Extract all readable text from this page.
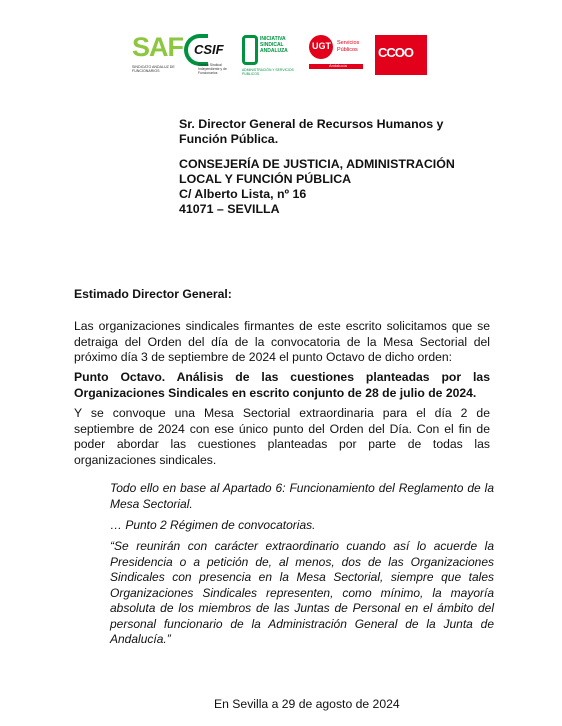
SAF
SINDICATO ANDALUZ DE FUNCIONARIOS
CSIF
Central Sindical Independiente y de Funcionarios
INICIATIVA SINDICAL ANDALUZA
ADMINISTRACIÓN Y SERVICIOS PÚBLICOS
UGT Servicios Públicos
Andalucía
CCOO
Sr. Director General de Recursos Humanos y
Función Pública.
CONSEJERÍA DE JUSTICIA, ADMINISTRACIÓN
LOCAL Y FUNCIÓN PÚBLICA
C/ Alberto Lista, nº 16
41071 – SEVILLA
Estimado Director General:
Las organizaciones sindicales firmantes de este escrito solicitamos que se detraiga del Orden del día de la convocatoria de la Mesa Sectorial del próximo día 3 de septiembre de 2024 el punto Octavo de dicho orden:
Punto Octavo. Análisis de las cuestiones planteadas por las Organizaciones Sindicales en escrito conjunto de 28 de julio de 2024.
Y se convoque una Mesa Sectorial extraordinaria para el día 2 de septiembre de 2024 con ese único punto del Orden del Día. Con el fin de poder abordar las cuestiones planteadas por parte de todas las organizaciones sindicales.
Todo ello en base al Apartado 6: Funcionamiento del Reglamento de la Mesa Sectorial.
… Punto 2 Régimen de convocatorias.
“Se reunirán con carácter extraordinario cuando así lo acuerde la Presidencia o a petición de, al menos, dos de las Organizaciones Sindicales con presencia en la Mesa Sectorial, siempre que tales Organizaciones Sindicales representen, como mínimo, la mayoría absoluta de los miembros de las Juntas de Personal en el ámbito del personal funcionario de la Administración General de la Junta de Andalucía.”
En Sevilla a 29 de agosto de 2024
